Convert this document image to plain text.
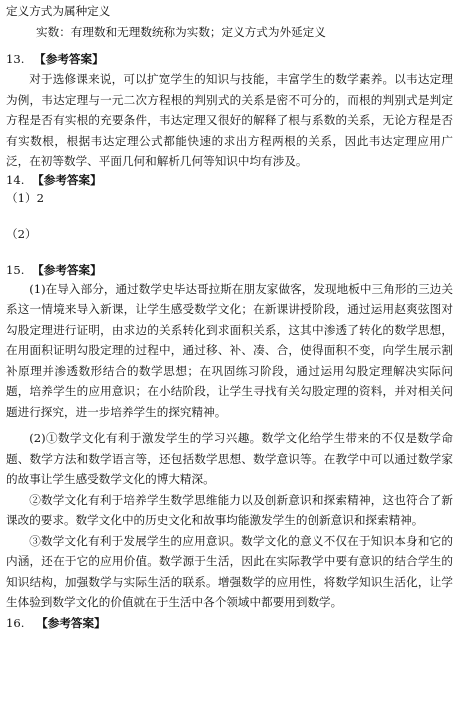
定义方式为属种定义
实数：有理数和无理数统称为实数；定义方式为外延定义
13. 【参考答案】
对于选修课来说，可以扩宽学生的知识与技能，丰富学生的数学素养。以韦达定理为例，韦达定理与一元二次方程根的判别式的关系是密不可分的，而根的判别式是判定方程是否有实根的充要条件，韦达定理又很好的解释了根与系数的关系，无论方程是否有实数根，根据韦达定理公式都能快速的求出方程两根的关系，因此韦达定理应用广泛，在初等数学、平面几何和解析几何等知识中均有涉及。
14. 【参考答案】
（1）2
（2）
15. 【参考答案】
(1)在导入部分，通过数学史毕达哥拉斯在朋友家做客，发现地板中三角形的三边关系这一情境来导入新课，让学生感受数学文化；在新课讲授阶段，通过运用赵爽弦图对勾股定理进行证明，由求边的关系转化到求面积关系，这其中渗透了转化的数学思想，在用面积证明勾股定理的过程中，通过移、补、凑、合，使得面积不变，向学生展示割补原理并渗透数形结合的数学思想；在巩固练习阶段，通过运用勾股定理解决实际问题，培养学生的应用意识；在小结阶段，让学生寻找有关勾股定理的资料，并对相关问题进行探究，进一步培养学生的探究精神。
(2)①数学文化有利于激发学生的学习兴趣。数学文化给学生带来的不仅是数学命题、数学方法和数学语言等，还包括数学思想、数学意识等。在教学中可以通过数学家的故事让学生感受数学文化的博大精深。
②数学文化有利于培养学生数学思维能力以及创新意识和探索精神，这也符合了新课改的要求。数学文化中的历史文化和故事均能激发学生的创新意识和探索精神。
③数学文化有利于发展学生的应用意识。数学文化的意义不仅在于知识本身和它的内涵，还在于它的应用价值。数学源于生活，因此在实际教学中要有意识的结合学生的知识结构，加强数学与实际生活的联系。增强数学的应用性，将数学知识生活化，让学生体验到数学文化的价值就在于生活中各个领域中都要用到数学。
16. 【参考答案】
